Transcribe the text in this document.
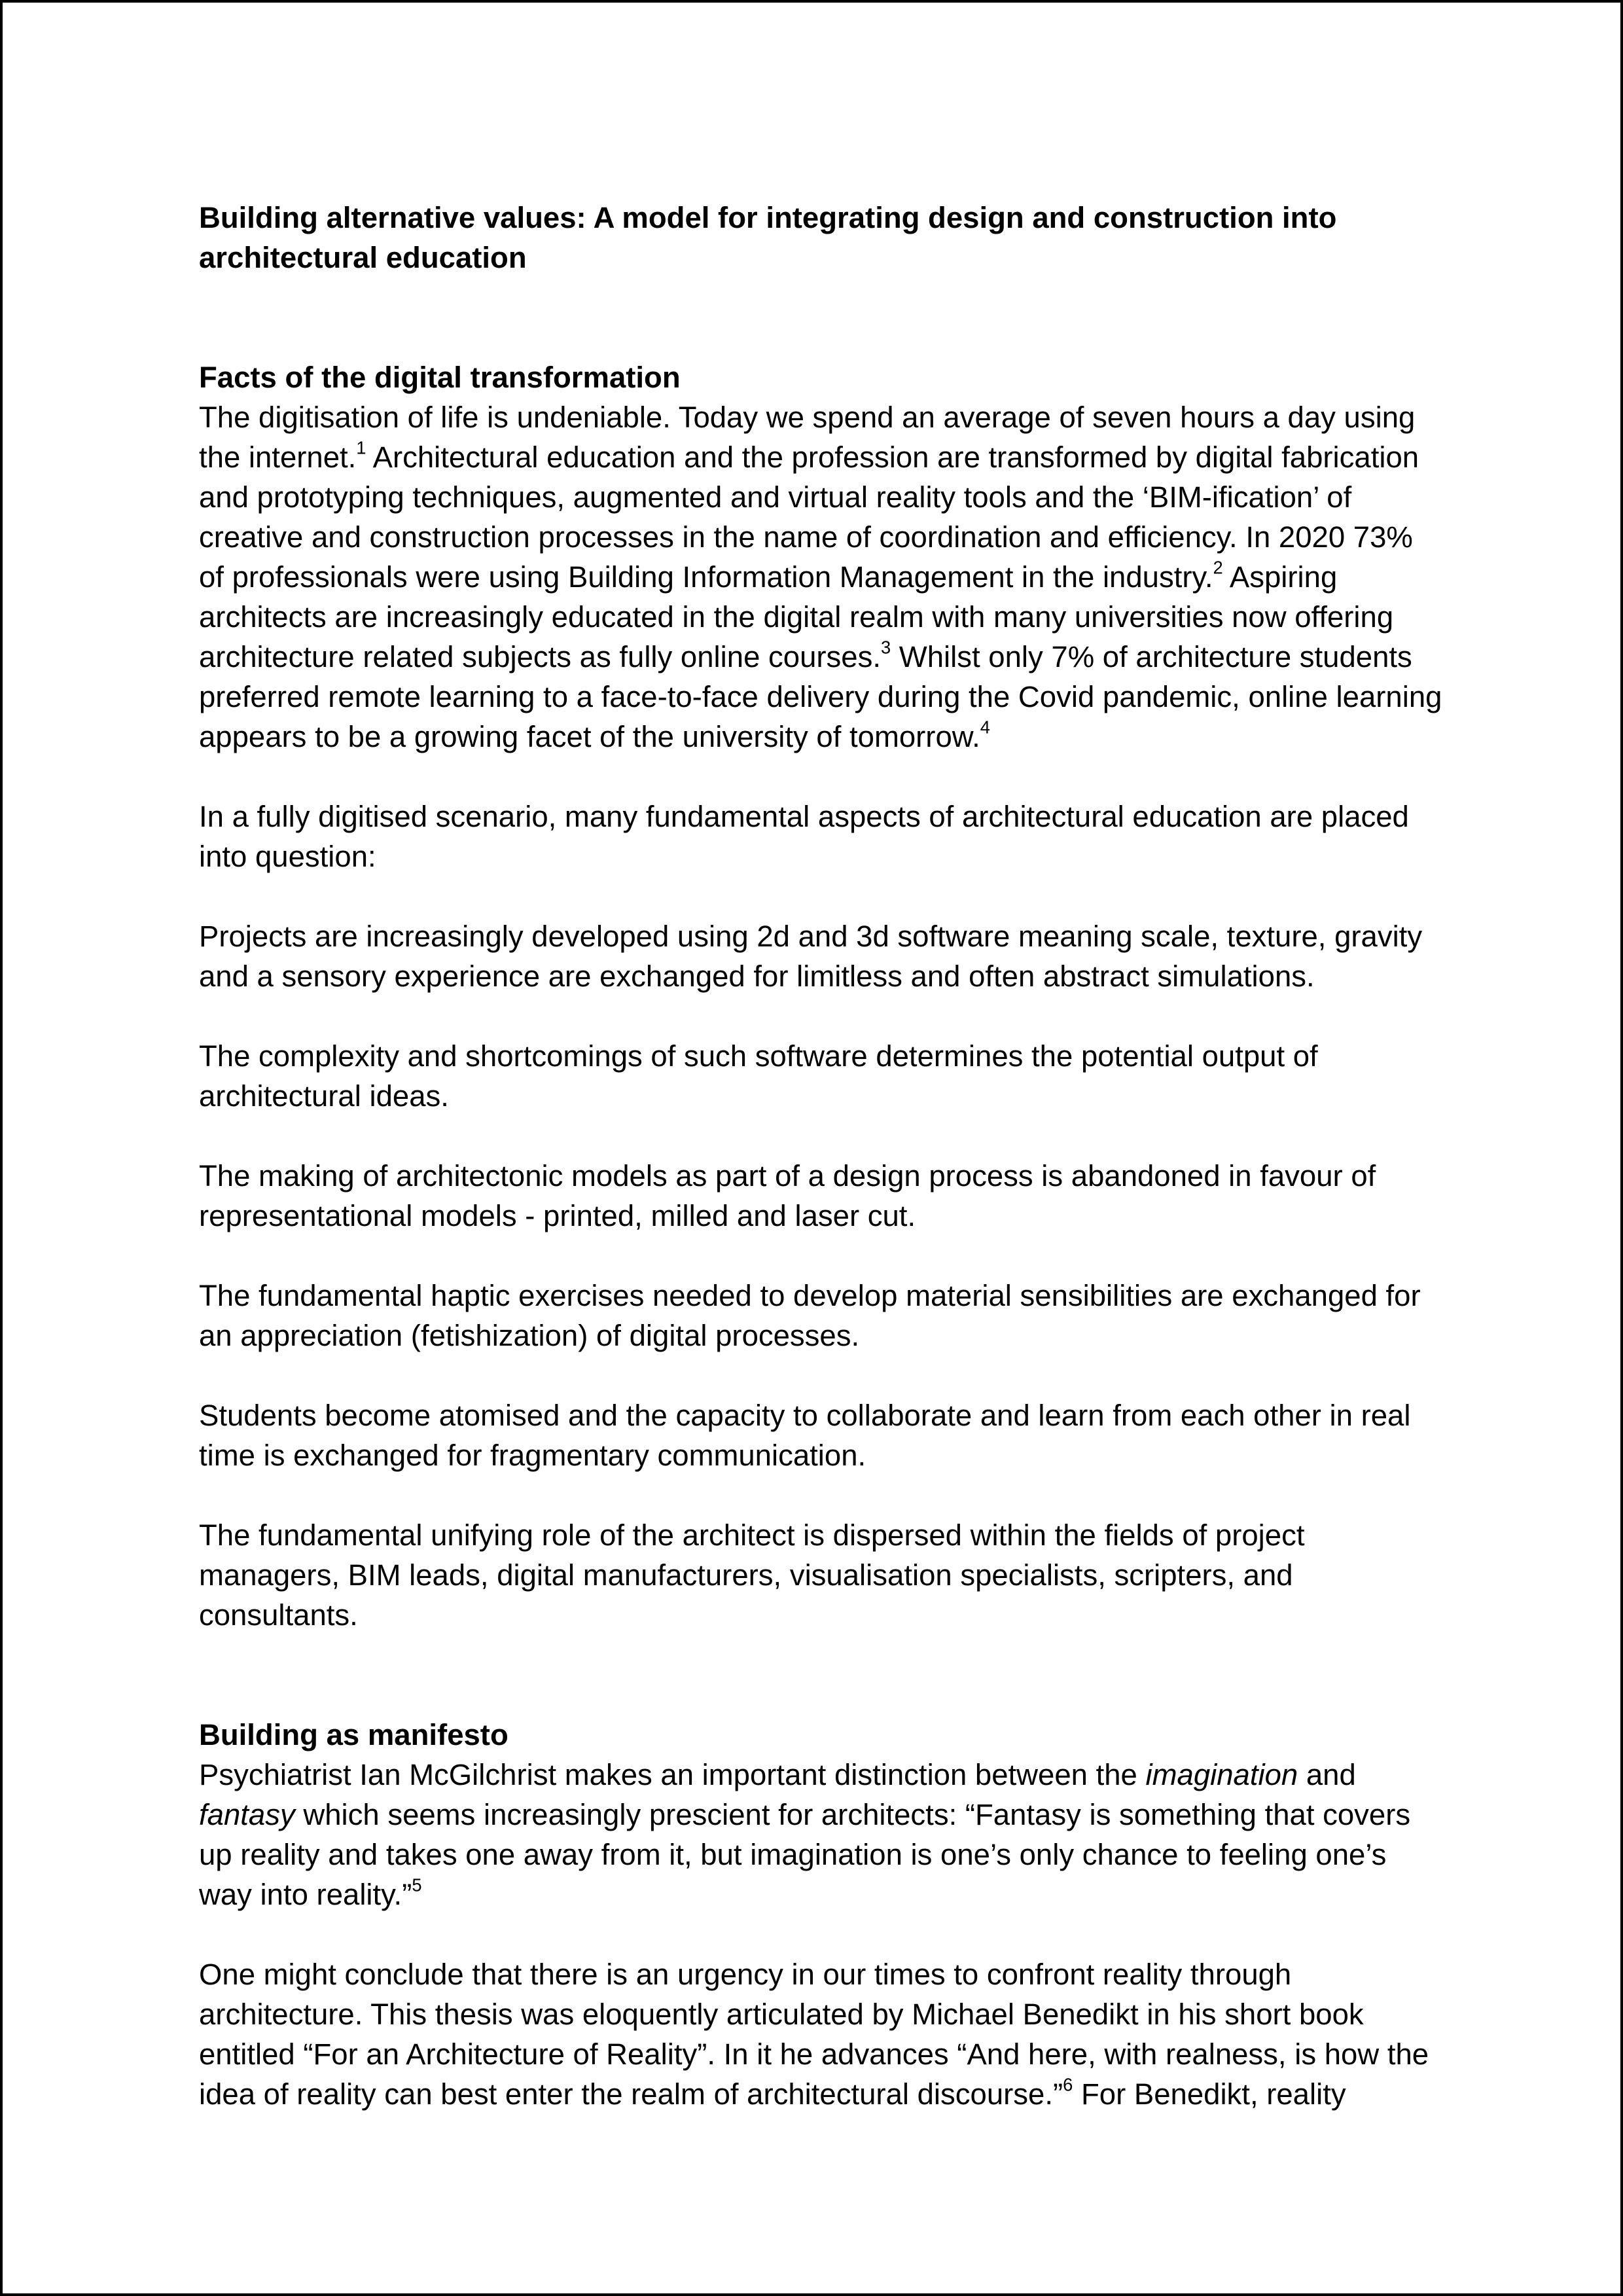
Building alternative values: A model for integrating design and construction into architectural education

Facts of the digital transformation

The digitisation of life is undeniable. Today we spend an average of seven hours a day using the internet.$^1$ Architectural education and the profession are transformed by digital fabrication and prototyping techniques, augmented and virtual reality tools and the ‘BIM-ification’ of creative and construction processes in the name of coordination and efficiency. In 2020 73% of professionals were using Building Information Management in the industry.$^2$ Aspiring architects are increasingly educated in the digital realm with many universities now offering architecture related subjects as fully online courses.$^3$ Whilst only 7% of architecture students preferred remote learning to a face-to-face delivery during the Covid pandemic, online learning appears to be a growing facet of the university of tomorrow.$^4$

In a fully digitised scenario, many fundamental aspects of architectural education are placed into question:

Projects are increasingly developed using 2d and 3d software meaning scale, texture, gravity and a sensory experience are exchanged for limitless and often abstract simulations.

The complexity and shortcomings of such software determines the potential output of architectural ideas.

The making of architectonic models as part of a design process is abandoned in favour of representational models - printed, milled and laser cut.

The fundamental haptic exercises needed to develop material sensibilities are exchanged for an appreciation (fetishization) of digital processes.

Students become atomised and the capacity to collaborate and learn from each other in real time is exchanged for fragmentary communication.

The fundamental unifying role of the architect is dispersed within the fields of project managers, BIM leads, digital manufacturers, visualisation specialists, scripters, and consultants.

Building as manifesto

Psychiatrist Ian McGilchrist makes an important distinction between the imagination and fantasy which seems increasingly prescient for architects: “Fantasy is something that covers up reality and takes one away from it, but imagination is one’s only chance to feeling one’s way into reality.”$^5$

One might conclude that there is an urgency in our times to confront reality through architecture. This thesis was eloquently articulated by Michael Benedikt in his short book entitled “For an Architecture of Reality”. In it he advances “And here, with realness, is how the idea of reality can best enter the realm of architectural discourse.”$^6$ For Benedikt, reality
